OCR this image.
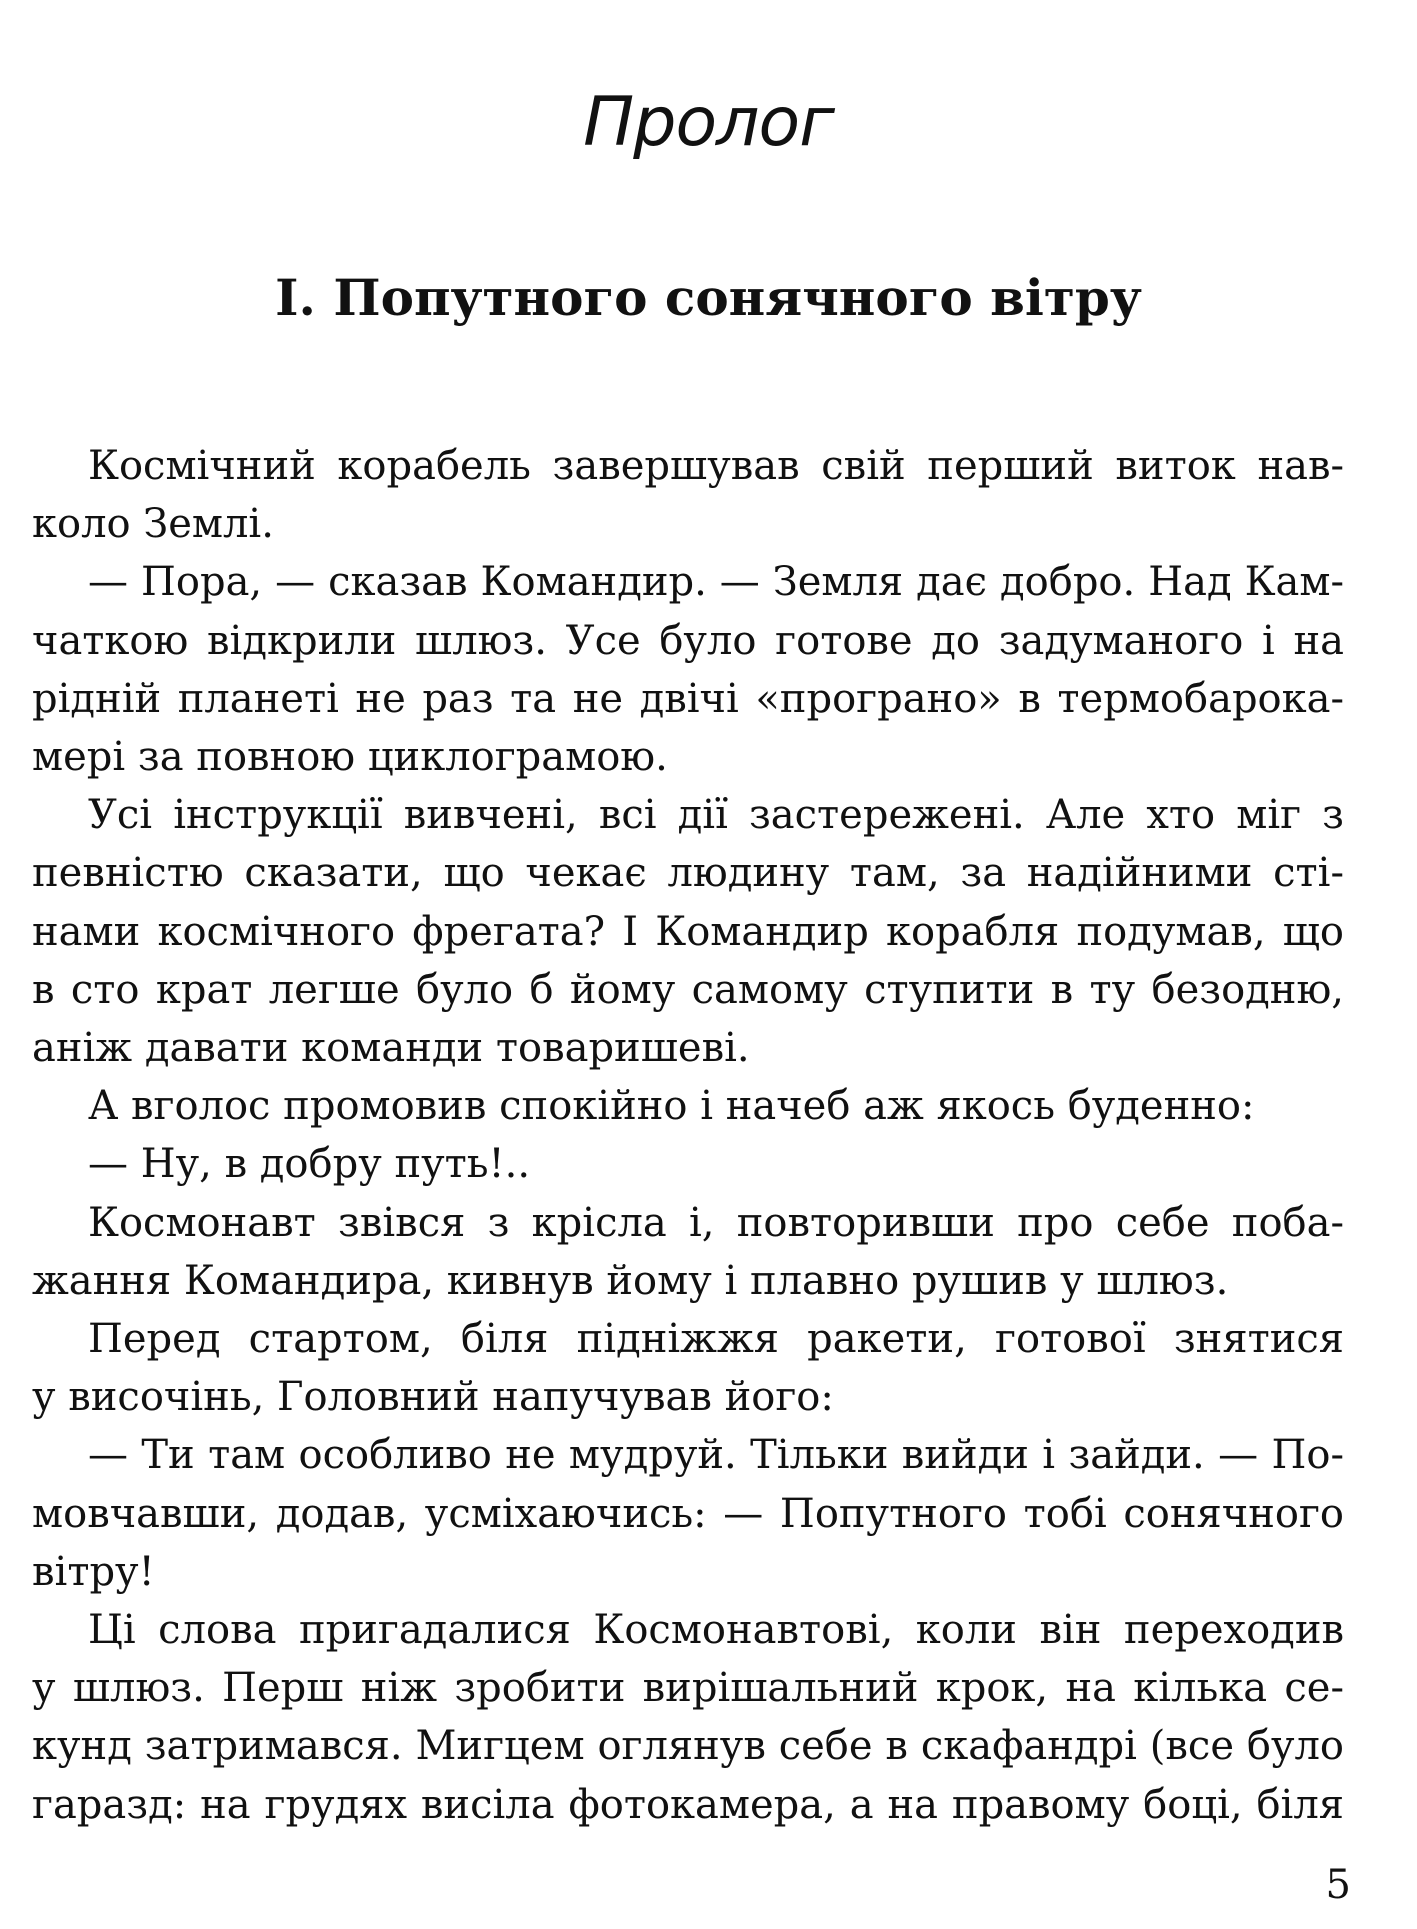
Пролог
I. Попутного сонячного вітру
Космічний корабель завершував свій перший виток нав-
коло Землі.
— Пора, — сказав Командир. — Земля дає добро. Над Кам-
чаткою відкрили шлюз. Усе було готове до задуманого і на
рідній планеті не раз та не двічі «програно» в термобарока-
мері за повною циклограмою.
Усі інструкції вивчені, всі дії застережені. Але хто міг з
певністю сказати, що чекає людину там, за надійними сті-
нами космічного фрегата? І Командир корабля подумав, що
в сто крат легше було б йому самому ступити в ту безодню,
аніж давати команди товаришеві.
А вголос промовив спокійно і начеб аж якось буденно:
— Ну, в добру путь!..
Космонавт звівся з крісла і, повторивши про себе поба-
жання Командира, кивнув йому і плавно рушив у шлюз.
Перед стартом, біля підніжжя ракети, готової знятися
у височінь, Головний напучував його:
— Ти там особливо не мудруй. Тільки вийди і зайди. — По-
мовчавши, додав, усміхаючись: — Попутного тобі сонячного
вітру!
Ці слова пригадалися Космонавтові, коли він переходив
у шлюз. Перш ніж зробити вирішальний крок, на кілька се-
кунд затримався. Мигцем оглянув себе в скафандрі (все було
гаразд: на грудях висіла фотокамера, а на правому боці, біля
5
